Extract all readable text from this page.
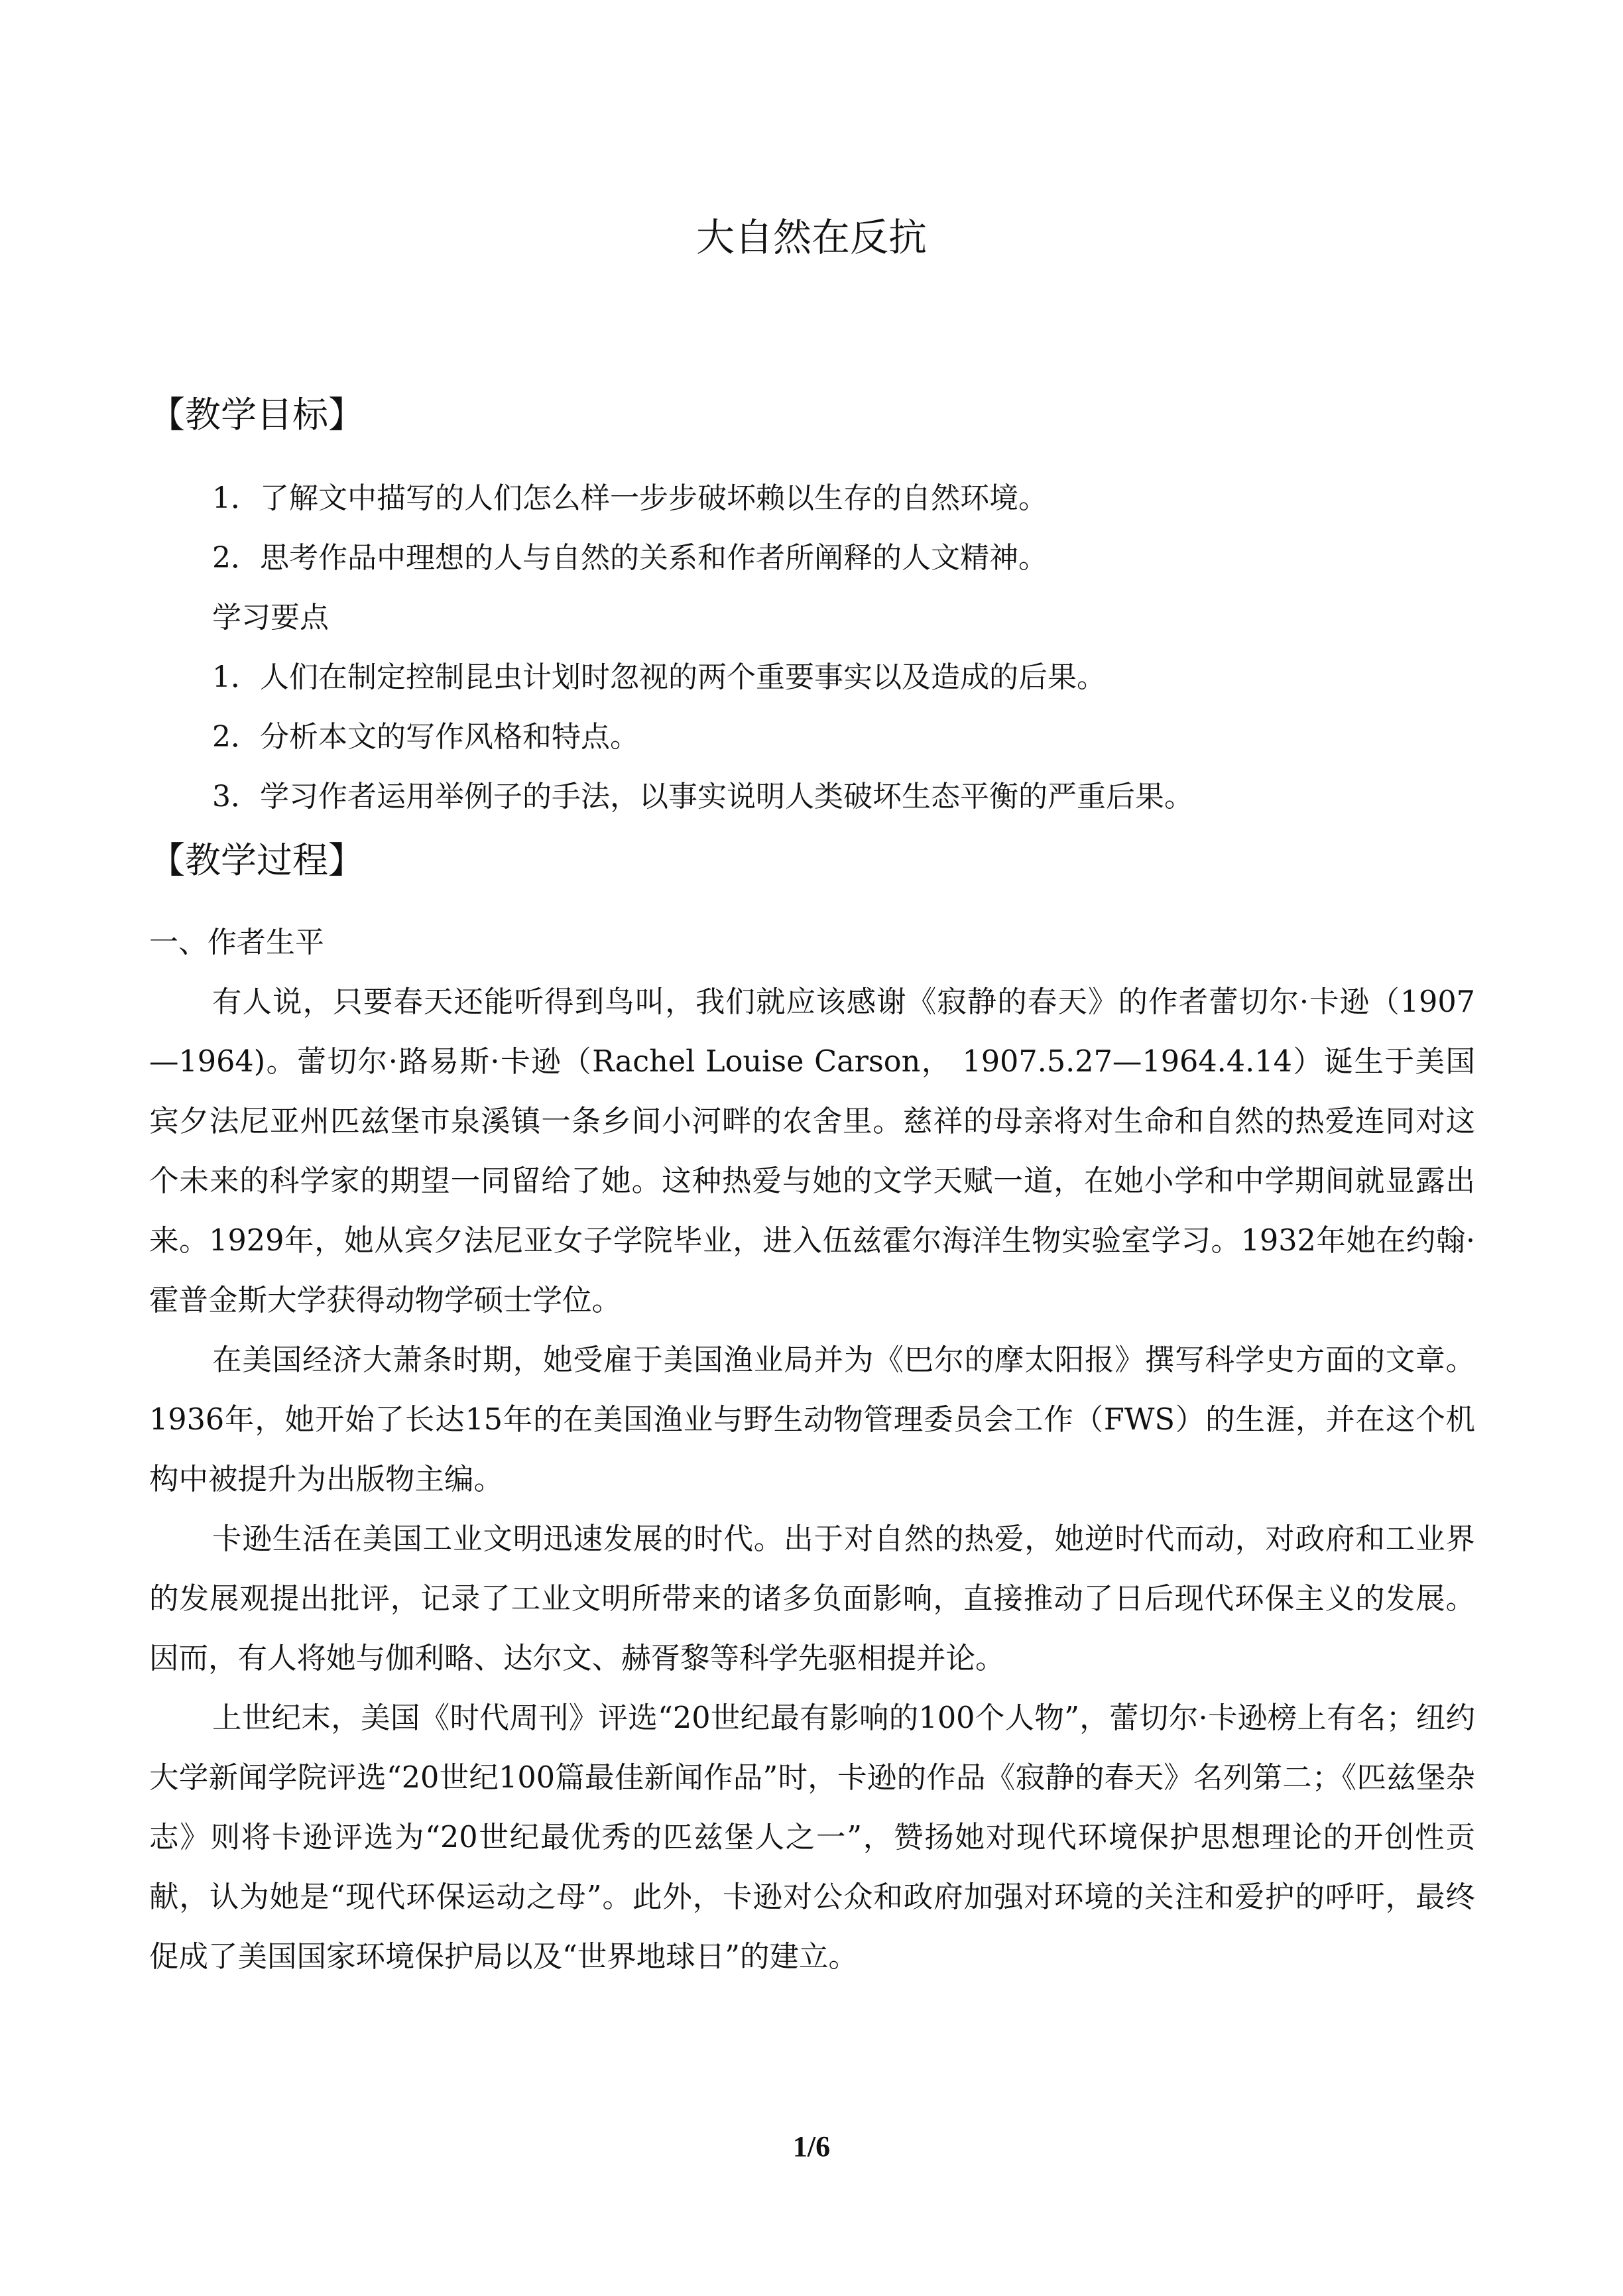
大自然在反抗
【教学目标】

1．了解文中描写的人们怎么样一步步破坏赖以生存的自然环境。

2．思考作品中理想的人与自然的关系和作者所阐释的人文精神。

学习要点

1．人们在制定控制昆虫计划时忽视的两个重要事实以及造成的后果。

2．分析本文的写作风格和特点。

3．学习作者运用举例子的手法，以事实说明人类破坏生态平衡的严重后果。

【教学过程】

一、作者生平

有人说，只要春天还能听得到鸟叫，我们就应该感谢《寂静的春天》的作者蕾切尔·卡逊（1907—1964)。蕾切尔·路易斯·卡逊（Rachel Louise Carson， 1907.5.27—1964.4.14）诞生于美国宾夕法尼亚州匹兹堡市泉溪镇一条乡间小河畔的农舍里。慈祥的母亲将对生命和自然的热爱连同对这个未来的科学家的期望一同留给了她。这种热爱与她的文学天赋一道，在她小学和中学期间就显露出来。1929年，她从宾夕法尼亚女子学院毕业，进入伍兹霍尔海洋生物实验室学习。1932年她在约翰·霍普金斯大学获得动物学硕士学位。

在美国经济大萧条时期，她受雇于美国渔业局并为《巴尔的摩太阳报》撰写科学史方面的文章。1936年，她开始了长达15年的在美国渔业与野生动物管理委员会工作（FWS）的生涯，并在这个机构中被提升为出版物主编。

卡逊生活在美国工业文明迅速发展的时代。出于对自然的热爱，她逆时代而动，对政府和工业界的发展观提出批评，记录了工业文明所带来的诸多负面影响，直接推动了日后现代环保主义的发展。因而，有人将她与伽利略、达尔文、赫胥黎等科学先驱相提并论。

上世纪末，美国《时代周刊》评选“20世纪最有影响的100个人物”，蕾切尔·卡逊榜上有名；纽约大学新闻学院评选“20世纪100篇最佳新闻作品”时，卡逊的作品《寂静的春天》名列第二；《匹兹堡杂志》则将卡逊评选为“20世纪最优秀的匹兹堡人之一”，赞扬她对现代环境保护思想理论的开创性贡献，认为她是“现代环保运动之母”。此外，卡逊对公众和政府加强对环境的关注和爱护的呼吁，最终促成了美国国家环境保护局以及“世界地球日”的建立。

1/6
